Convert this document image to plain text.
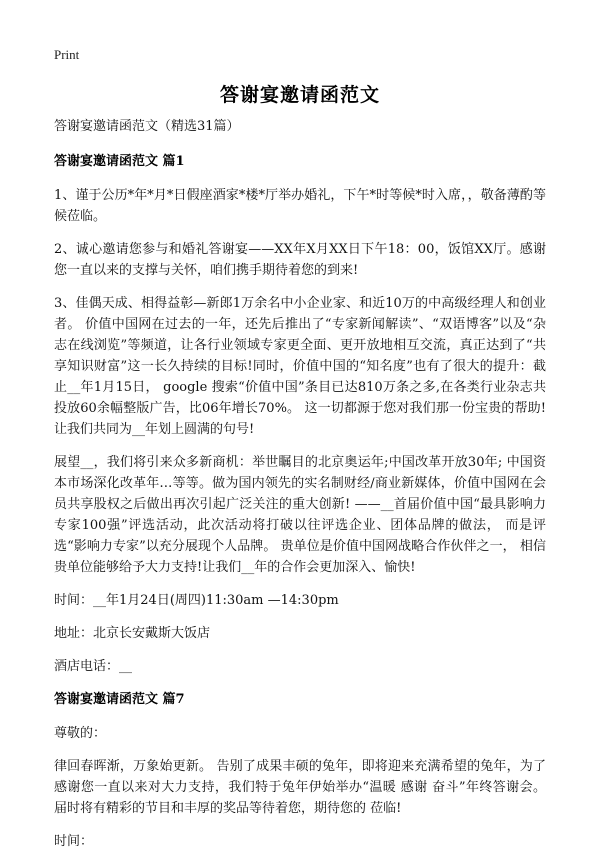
Print
答谢宴邀请函范文

答谢宴邀请函范文（精选31篇）

答谢宴邀请函范文 篇1

1、谨于公历*年*月*日假座酒家*楼*厅举办婚礼，下午*时等候*时入席，，敬备薄酌等候莅临。

2、诚心邀请您参与和婚礼答谢宴——XX年X月XX日下午18：00，饭馆XX厅。感谢您一直以来的支撑与关怀，咱们携手期待着您的到来!

3、佳偶天成、相得益彰—新郎1万余名中小企业家、和近10万的中高级经理人和创业者。 价值中国网在过去的一年，还先后推出了“专家新闻解读”、“双语博客”以及“杂志在线浏览”等频道，让各行业领域专家更全面、更开放地相互交流，真正达到了“共享知识财富”这一长久持续的目标!同时，价值中国的“知名度”也有了很大的提升：截止__年1月15日， google 搜索“价值中国”条目已达810万条之多,在各类行业杂志共投放60余幅整版广告，比06年增长70%。 这一切都源于您对我们那一份宝贵的帮助!让我们共同为__年划上圆满的句号!

展望__，我们将引来众多新商机：举世瞩目的北京奥运年;中国改革开放30年; 中国资本市场深化改革年…等等。做为国内领先的实名制财经/商业新媒体，价值中国网在会员共享股权之后做出再次引起广泛关注的重大创新! ——__首届价值中国“最具影响力专家100强”评选活动，此次活动将打破以往评选企业、团体品牌的做法， 而是评选“影响力专家”以充分展现个人品牌。 贵单位是价值中国网战略合作伙伴之一， 相信贵单位能够给予大力支持!让我们__年的合作会更加深入、愉快!

时间：__年1月24日(周四)11:30am —14:30pm

地址：北京长安戴斯大饭店

酒店电话：__

答谢宴邀请函范文 篇7

尊敬的：

律回春晖渐，万象始更新。 告别了成果丰硕的兔年，即将迎来充满希望的兔年，为了感谢您一直以来对大力支持，我们特于兔年伊始举办“温暖 感谢 奋斗”年终答谢会。 届时将有精彩的节目和丰厚的奖品等待着您，期待您的 莅临!

时间：
